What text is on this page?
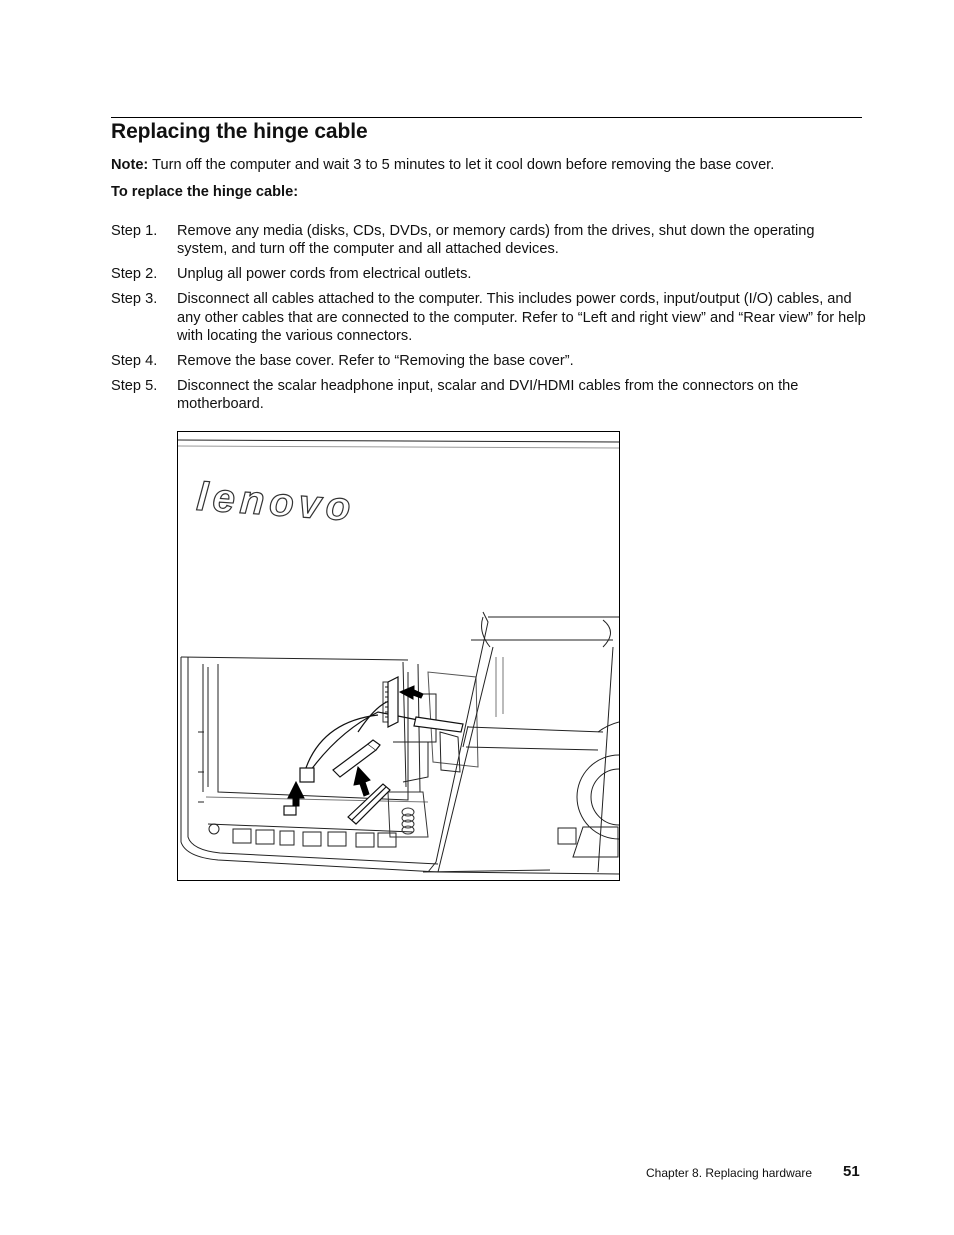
Replacing the hinge cable
Note: Turn off the computer and wait 3 to 5 minutes to let it cool down before removing the base cover.
To replace the hinge cable:
Step 1.	Remove any media (disks, CDs, DVDs, or memory cards) from the drives, shut down the operating system, and turn off the computer and all attached devices.
Step 2.	Unplug all power cords from electrical outlets.
Step 3.	Disconnect all cables attached to the computer. This includes power cords, input/output (I/O) cables, and any other cables that are connected to the computer. Refer to “Left and right view” and “Rear view” for help with locating the various connectors.
Step 4.	Remove the base cover. Refer to “Removing the base cover”.
Step 5.	Disconnect the scalar headphone input, scalar and DVI/HDMI cables from the connectors on the motherboard.
lenovo
Chapter 8. Replacing hardware 51
